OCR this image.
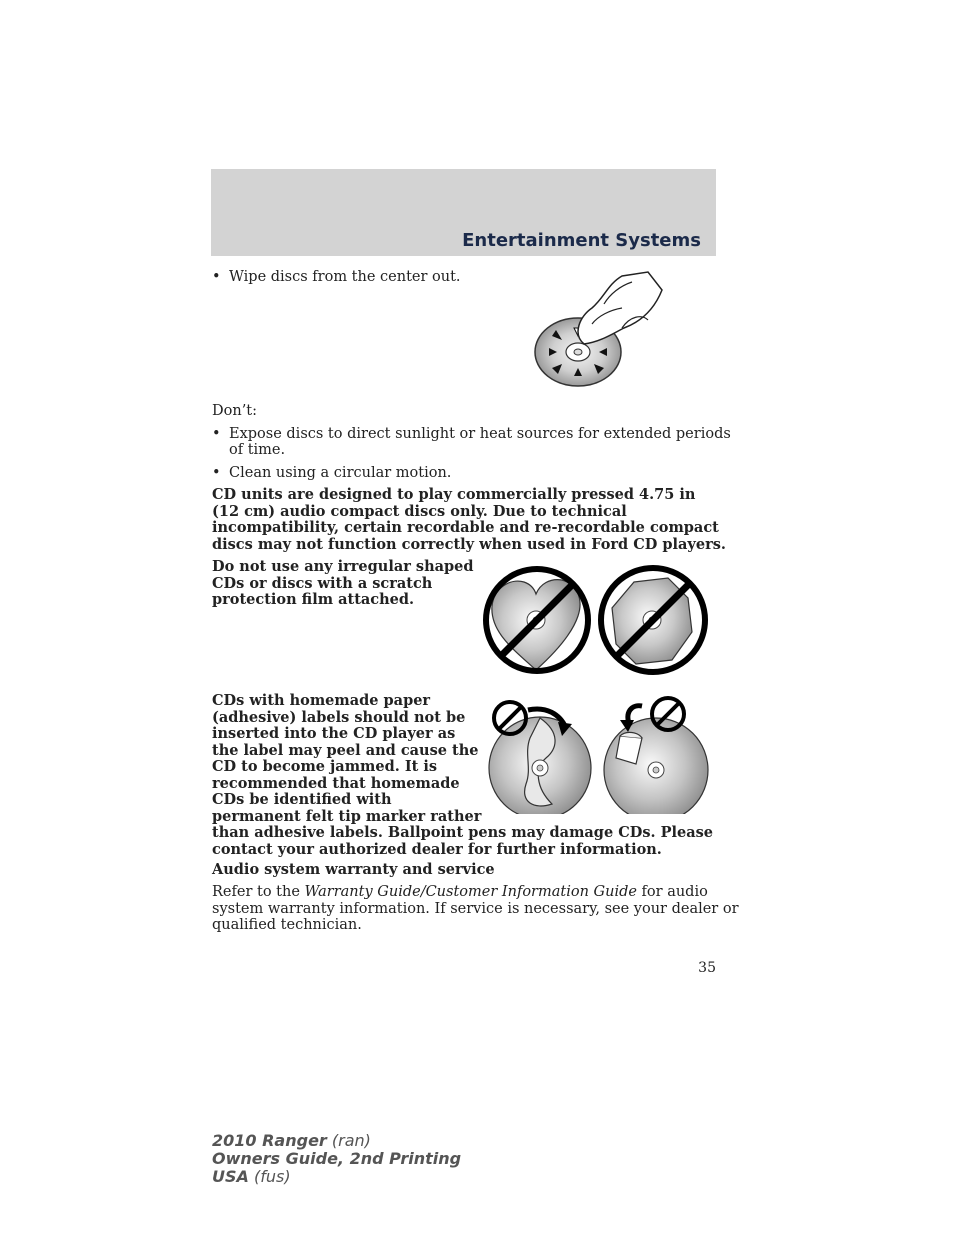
Entertainment Systems
• Wipe discs from the center out.
Don’t:
• Expose discs to direct sunlight or heat sources for extended periods
of time.
• Clean using a circular motion.
CD units are designed to play commercially pressed 4.75 in
(12 cm) audio compact discs only. Due to technical
incompatibility, certain recordable and re-recordable compact
discs may not function correctly when used in Ford CD players.
Do not use any irregular shaped
CDs or discs with a scratch
protection film attached.
CDs with homemade paper
(adhesive) labels should not be
inserted into the CD player as
the label may peel and cause the
CD to become jammed. It is
recommended that homemade
CDs be identified with
permanent felt tip marker rather
than adhesive labels. Ballpoint pens may damage CDs. Please
contact your authorized dealer for further information.
Audio system warranty and service
Refer to the Warranty Guide/Customer Information Guide for audio
system warranty information. If service is necessary, see your dealer or
qualified technician.
35
2010 Ranger (ran)
Owners Guide, 2nd Printing
USA (fus)
